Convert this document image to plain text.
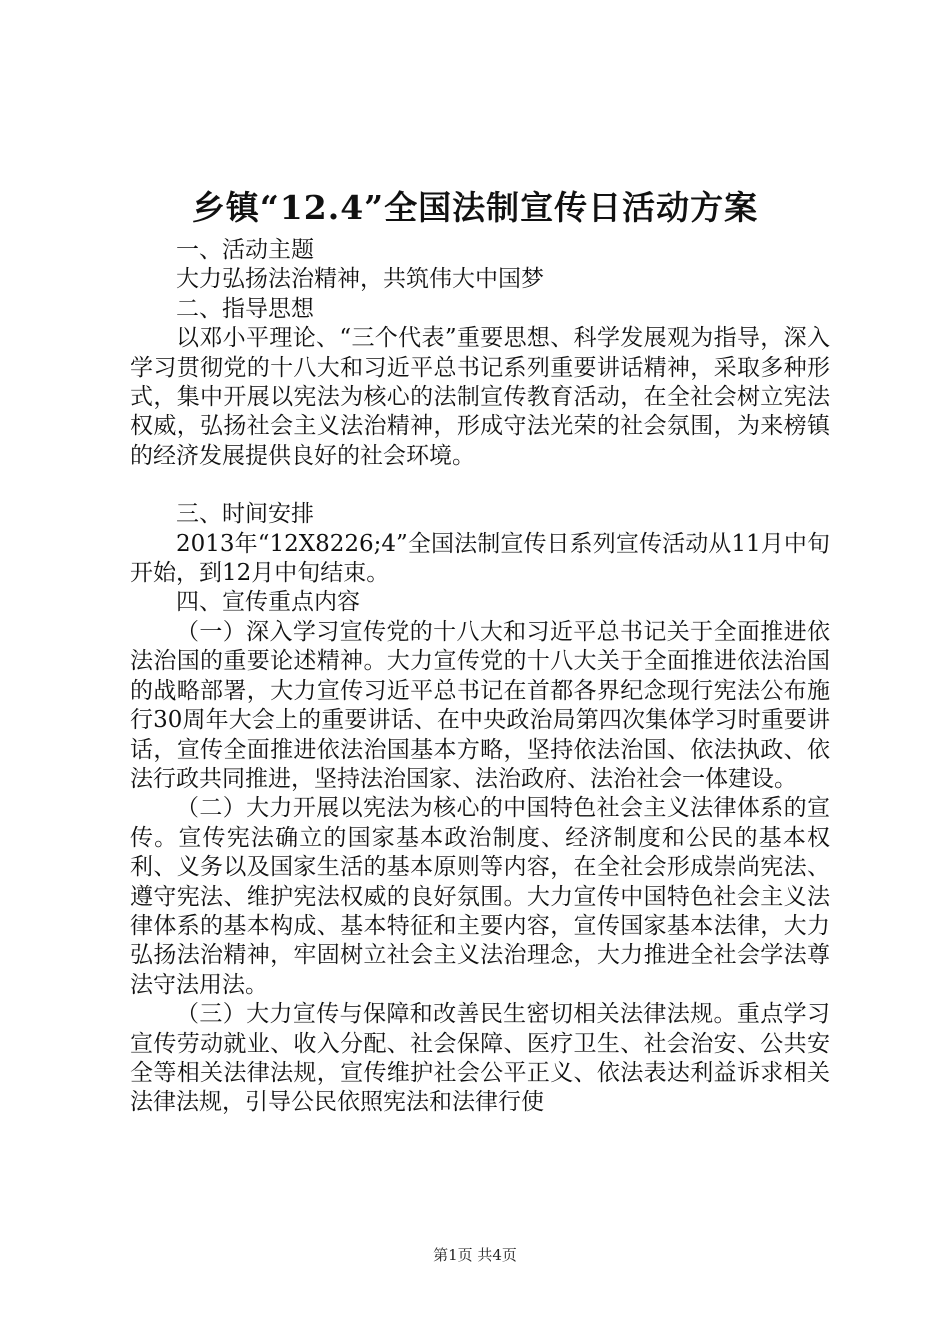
乡镇“12.4”全国法制宣传日活动方案

一、活动主题

大力弘扬法治精神，共筑伟大中国梦

二、指导思想

以邓小平理论、“三个代表”重要思想、科学发展观为指导，深入学习贯彻党的十八大和习近平总书记系列重要讲话精神，采取多种形式，集中开展以宪法为核心的法制宣传教育活动，在全社会树立宪法权威，弘扬社会主义法治精神，形成守法光荣的社会氛围，为来榜镇的经济发展提供良好的社会环境。

三、时间安排

2013年“12X8226;4”全国法制宣传日系列宣传活动从11月中旬开始，到12月中旬结束。

四、宣传重点内容

（一）深入学习宣传党的十八大和习近平总书记关于全面推进依法治国的重要论述精神。大力宣传党的十八大关于全面推进依法治国的战略部署，大力宣传习近平总书记在首都各界纪念现行宪法公布施行30周年大会上的重要讲话、在中央政治局第四次集体学习时重要讲话，宣传全面推进依法治国基本方略，坚持依法治国、依法执政、依法行政共同推进，坚持法治国家、法治政府、法治社会一体建设。

（二）大力开展以宪法为核心的中国特色社会主义法律体系的宣传。宣传宪法确立的国家基本政治制度、经济制度和公民的基本权利、义务以及国家生活的基本原则等内容，在全社会形成崇尚宪法、遵守宪法、维护宪法权威的良好氛围。大力宣传中国特色社会主义法律体系的基本构成、基本特征和主要内容，宣传国家基本法律，大力弘扬法治精神，牢固树立社会主义法治理念，大力推进全社会学法尊法守法用法。

（三）大力宣传与保障和改善民生密切相关法律法规。重点学习宣传劳动就业、收入分配、社会保障、医疗卫生、社会治安、公共安全等相关法律法规，宣传维护社会公平正义、依法表达利益诉求相关法律法规，引导公民依照宪法和法律行使

第1页 共4页
